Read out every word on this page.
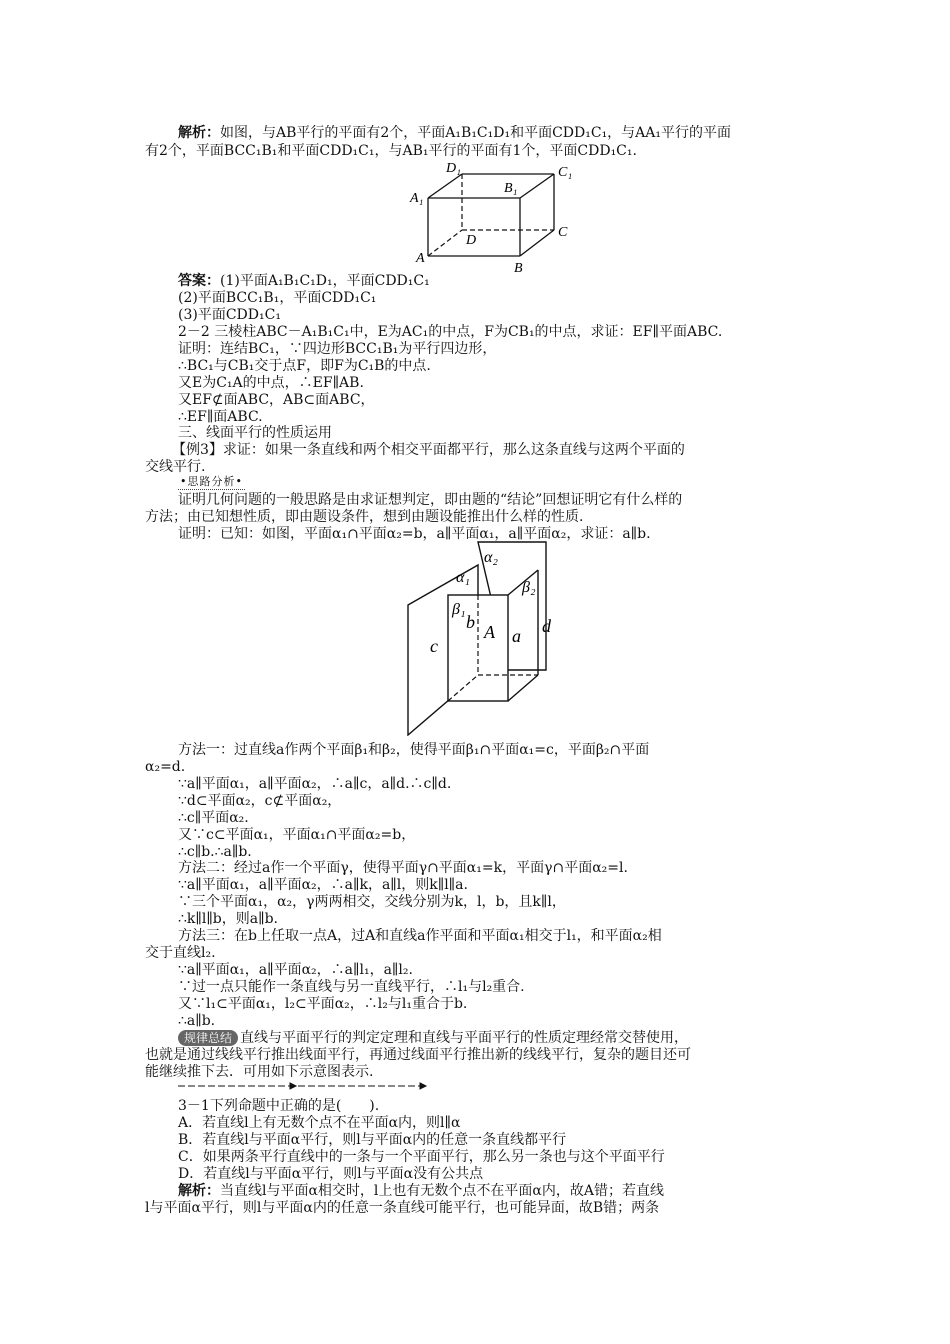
解析：如图，与AB平行的平面有2个，平面A₁B₁C₁D₁和平面CDD₁C₁，与AA₁平行的平面
有2个，平面BCC₁B₁和平面CDD₁C₁，与AB₁平行的平面有1个，平面CDD₁C₁.
D₁	C₁
B₁
A₁
D
C
A
B
答案：(1)平面A₁B₁C₁D₁，平面CDD₁C₁
(2)平面BCC₁B₁，平面CDD₁C₁
(3)平面CDD₁C₁
2－2 三棱柱ABC－A₁B₁C₁中，E为AC₁的中点，F为CB₁的中点，求证：EF∥平面ABC.
证明：连结BC₁，∵四边形BCC₁B₁为平行四边形，
∴BC₁与CB₁交于点F，即F为C₁B的中点.
又E为C₁A的中点，∴EF∥AB.
又EF⊄面ABC，AB⊂面ABC，
∴EF∥面ABC.
三、线面平行的性质运用
【例3】求证：如果一条直线和两个相交平面都平行，那么这条直线与这两个平面的
交线平行.
•思路分析•
证明几何问题的一般思路是由求证想判定，即由题的“结论”回想证明它有什么样的
方法；由已知想性质，即由题设条件，想到由题设能推出什么样的性质.
证明：已知：如图，平面α₁∩平面α₂=b，a∥平面α₁，a∥平面α₂，求证：a∥b.
α₂
α₁
β₂
β₁
b A a d
c
方法一：过直线a作两个平面β₁和β₂，使得平面β₁∩平面α₁=c，平面β₂∩平面
α₂=d.
∵a∥平面α₁，a∥平面α₂，∴a∥c，a∥d.∴c∥d.
∵d⊂平面α₂，c⊄平面α₂，
∴c∥平面α₂.
又∵c⊂平面α₁，平面α₁∩平面α₂=b，
∴c∥b.∴a∥b.
方法二：经过a作一个平面γ，使得平面γ∩平面α₁=k，平面γ∩平面α₂=l.
∵a∥平面α₁，a∥平面α₂，∴a∥k，a∥l，则k∥l∥a.
∵三个平面α₁，α₂，γ两两相交，交线分别为k，l，b，且k∥l，
∴k∥l∥b，则a∥b.
方法三：在b上任取一点A，过A和直线a作平面和平面α₁相交于l₁，和平面α₂相
交于直线l₂.
∵a∥平面α₁，a∥平面α₂，∴a∥l₁，a∥l₂.
∵过一点只能作一条直线与另一直线平行，∴l₁与l₂重合.
又∵l₁⊂平面α₁，l₂⊂平面α₂，∴l₂与l₁重合于b.
∴a∥b.
规律总结 直线与平面平行的判定定理和直线与平面平行的性质定理经常交替使用，
也就是通过线线平行推出线面平行，再通过线面平行推出新的线线平行，复杂的题目还可
能继续推下去．可用如下示意图表示.
3－1下列命题中正确的是(　　).
A．若直线l上有无数个点不在平面α内，则l∥α
B．若直线l与平面α平行，则l与平面α内的任意一条直线都平行
C．如果两条平行直线中的一条与一个平面平行，那么另一条也与这个平面平行
D．若直线l与平面α平行，则l与平面α没有公共点
解析：当直线l与平面α相交时，l上也有无数个点不在平面α内，故A错；若直线
l与平面α平行，则l与平面α内的任意一条直线可能平行，也可能异面，故B错；两条
